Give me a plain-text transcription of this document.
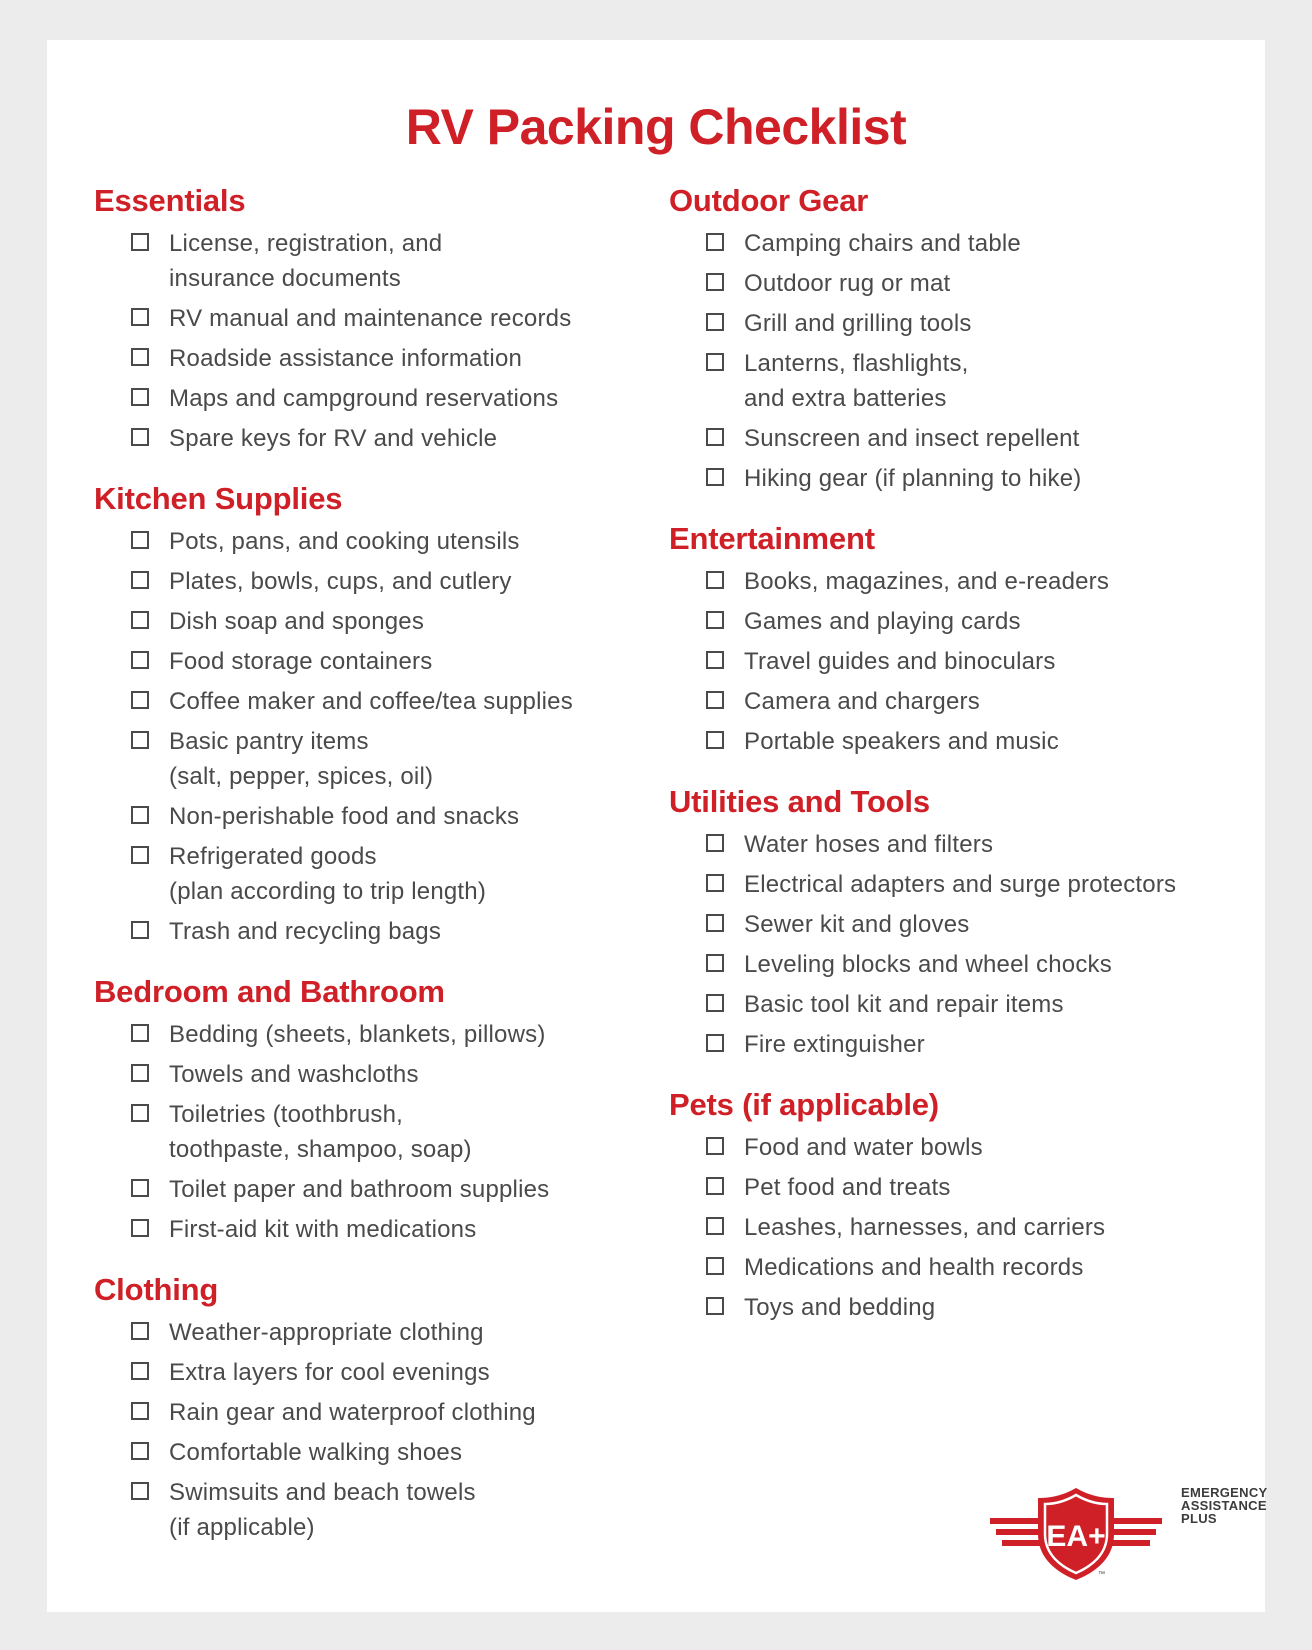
RV Packing Checklist
Essentials
License, registration, and
insurance documents
RV manual and maintenance records
Roadside assistance information
Maps and campground reservations
Spare keys for RV and vehicle
Kitchen Supplies
Pots, pans, and cooking utensils
Plates, bowls, cups, and cutlery
Dish soap and sponges
Food storage containers
Coffee maker and coffee/tea supplies
Basic pantry items
(salt, pepper, spices, oil)
Non-perishable food and snacks
Refrigerated goods
(plan according to trip length)
Trash and recycling bags
Bedroom and Bathroom
Bedding (sheets, blankets, pillows)
Towels and washcloths
Toiletries (toothbrush,
toothpaste, shampoo, soap)
Toilet paper and bathroom supplies
First-aid kit with medications
Clothing
Weather-appropriate clothing
Extra layers for cool evenings
Rain gear and waterproof clothing
Comfortable walking shoes
Swimsuits and beach towels
(if applicable)
Outdoor Gear
Camping chairs and table
Outdoor rug or mat
Grill and grilling tools
Lanterns, flashlights,
and extra batteries
Sunscreen and insect repellent
Hiking gear (if planning to hike)
Entertainment
Books, magazines, and e-readers
Games and playing cards
Travel guides and binoculars
Camera and chargers
Portable speakers and music
Utilities and Tools
Water hoses and filters
Electrical adapters and surge protectors
Sewer kit and gloves
Leveling blocks and wheel chocks
Basic tool kit and repair items
Fire extinguisher
Pets (if applicable)
Food and water bowls
Pet food and treats
Leashes, harnesses, and carriers
Medications and health records
Toys and bedding
EA+
™
EMERGENCY
ASSISTANCE
PLUS
